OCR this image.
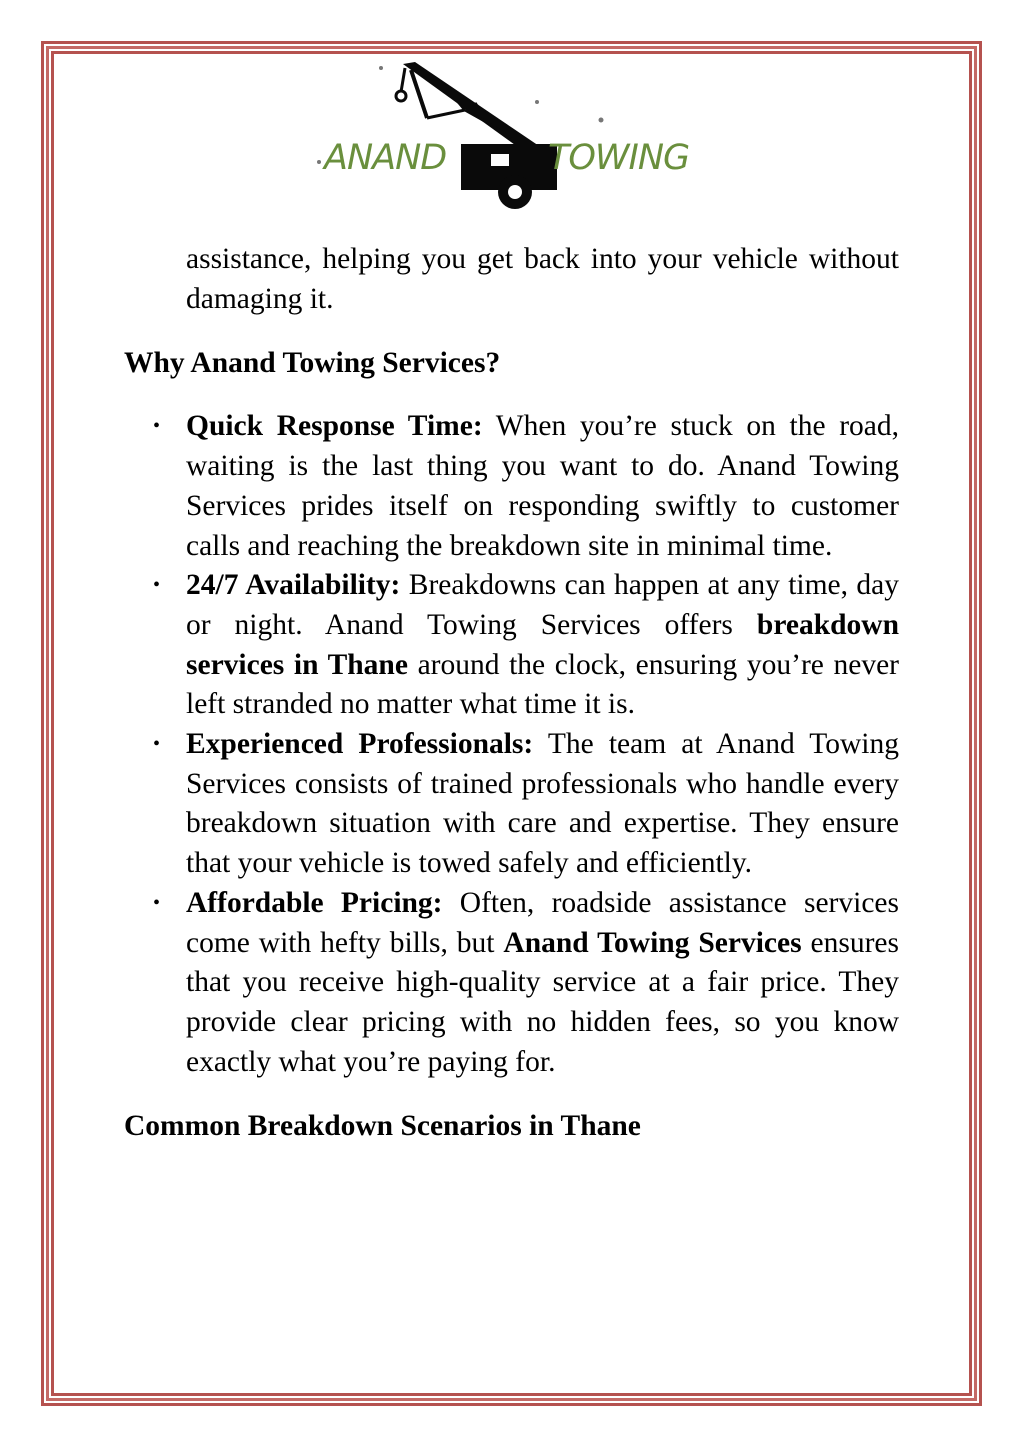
ANAND	TOWING

assistance, helping you get back into your vehicle without damaging it.

Why Anand Towing Services?
• Quick Response Time: When you’re stuck on the road, waiting is the last thing you want to do. Anand Towing Services prides itself on responding swiftly to customer calls and reaching the breakdown site in minimal time.
• 24/7 Availability: Breakdowns can happen at any time, day or night. Anand Towing Services offers breakdown services in Thane around the clock, ensuring you’re never left stranded no matter what time it is.
• Experienced Professionals: The team at Anand Towing Services consists of trained professionals who handle every breakdown situation with care and expertise. They ensure that your vehicle is towed safely and efficiently.
• Affordable Pricing: Often, roadside assistance services come with hefty bills, but Anand Towing Services ensures that you receive high-quality service at a fair price. They provide clear pricing with no hidden fees, so you know exactly what you’re paying for.
Common Breakdown Scenarios in Thane
